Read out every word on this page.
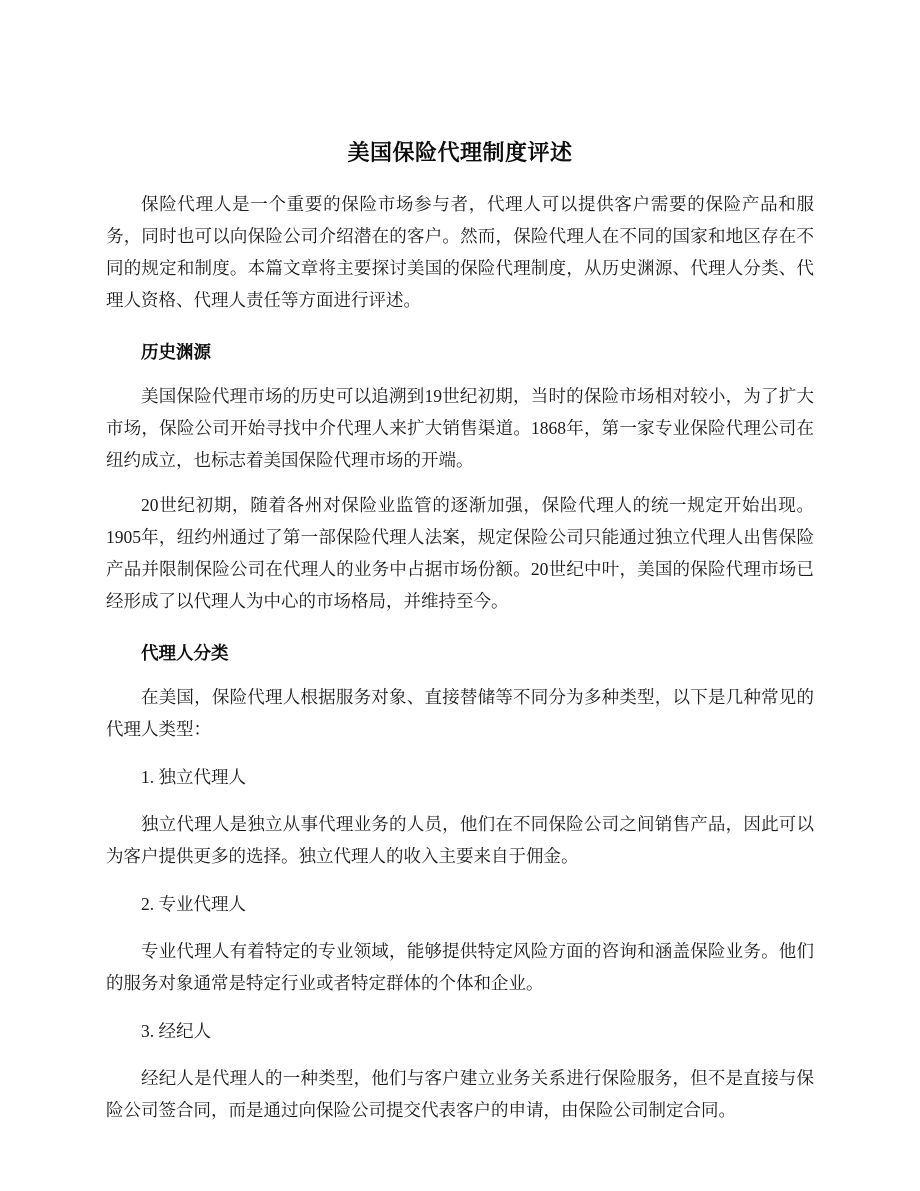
美国保险代理制度评述

保险代理人是一个重要的保险市场参与者，代理人可以提供客户需要的保险产品和服务，同时也可以向保险公司介绍潜在的客户。然而，保险代理人在不同的国家和地区存在不同的规定和制度。本篇文章将主要探讨美国的保险代理制度，从历史渊源、代理人分类、代理人资格、代理人责任等方面进行评述。

历史渊源

美国保险代理市场的历史可以追溯到19世纪初期，当时的保险市场相对较小，为了扩大市场，保险公司开始寻找中介代理人来扩大销售渠道。1868年，第一家专业保险代理公司在纽约成立，也标志着美国保险代理市场的开端。

20世纪初期，随着各州对保险业监管的逐渐加强，保险代理人的统一规定开始出现。1905年，纽约州通过了第一部保险代理人法案，规定保险公司只能通过独立代理人出售保险产品并限制保险公司在代理人的业务中占据市场份额。20世纪中叶，美国的保险代理市场已经形成了以代理人为中心的市场格局，并维持至今。

代理人分类

在美国，保险代理人根据服务对象、直接替储等不同分为多种类型，以下是几种常见的代理人类型：

1. 独立代理人

独立代理人是独立从事代理业务的人员，他们在不同保险公司之间销售产品，因此可以为客户提供更多的选择。独立代理人的收入主要来自于佣金。

2. 专业代理人

专业代理人有着特定的专业领域，能够提供特定风险方面的咨询和涵盖保险业务。他们的服务对象通常是特定行业或者特定群体的个体和企业。

3. 经纪人

经纪人是代理人的一种类型，他们与客户建立业务关系进行保险服务，但不是直接与保险公司签合同，而是通过向保险公司提交代表客户的申请，由保险公司制定合同。
